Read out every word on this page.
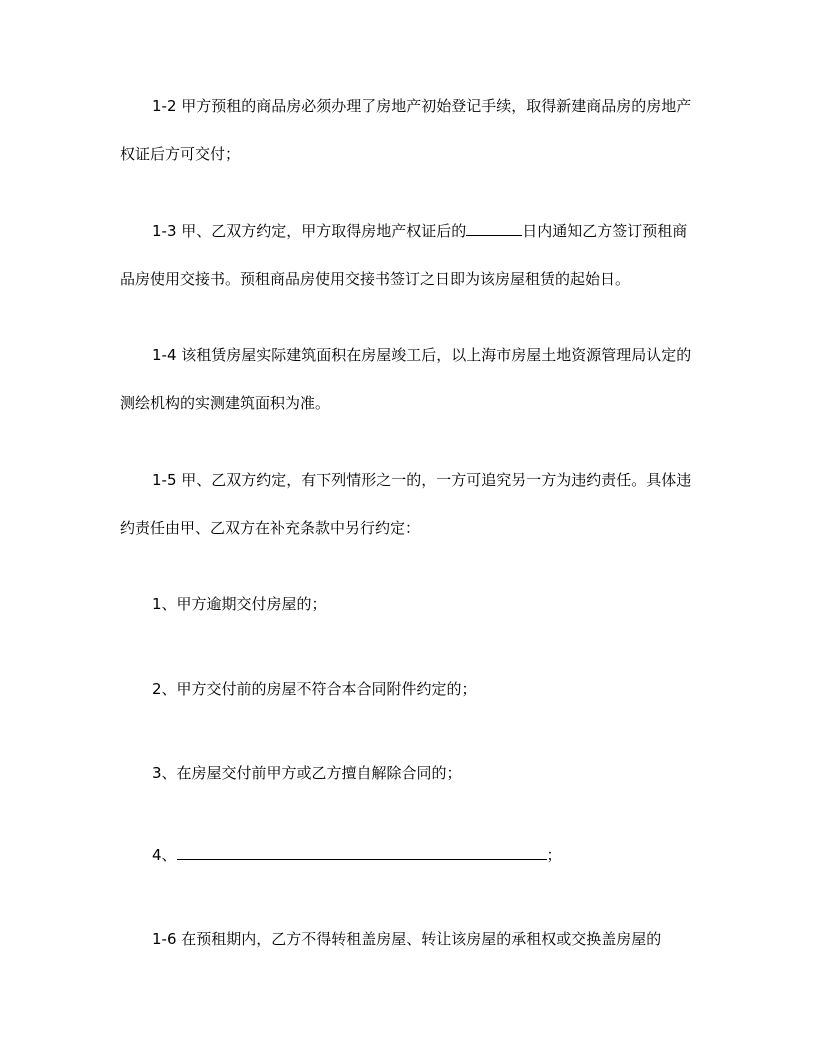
1-2 甲方预租的商品房必须办理了房地产初始登记手续，取得新建商品房的房地产权证后方可交付；

1-3 甲、乙双方约定，甲方取得房地产权证后的	日内通知乙方签订预租商品房使用交接书。预租商品房使用交接书签订之日即为该房屋租赁的起始日。

1-4 该租赁房屋实际建筑面积在房屋竣工后，以上海市房屋土地资源管理局认定的测绘机构的实测建筑面积为准。

1-5 甲、乙双方约定，有下列情形之一的，一方可追究另一方为违约责任。具体违约责任由甲、乙双方在补充条款中另行约定：

1、甲方逾期交付房屋的；

2、甲方交付前的房屋不符合本合同附件约定的；

3、在房屋交付前甲方或乙方擅自解除合同的；

4、	；

1-6 在预租期内，乙方不得转租盖房屋、转让该房屋的承租权或交换盖房屋的
